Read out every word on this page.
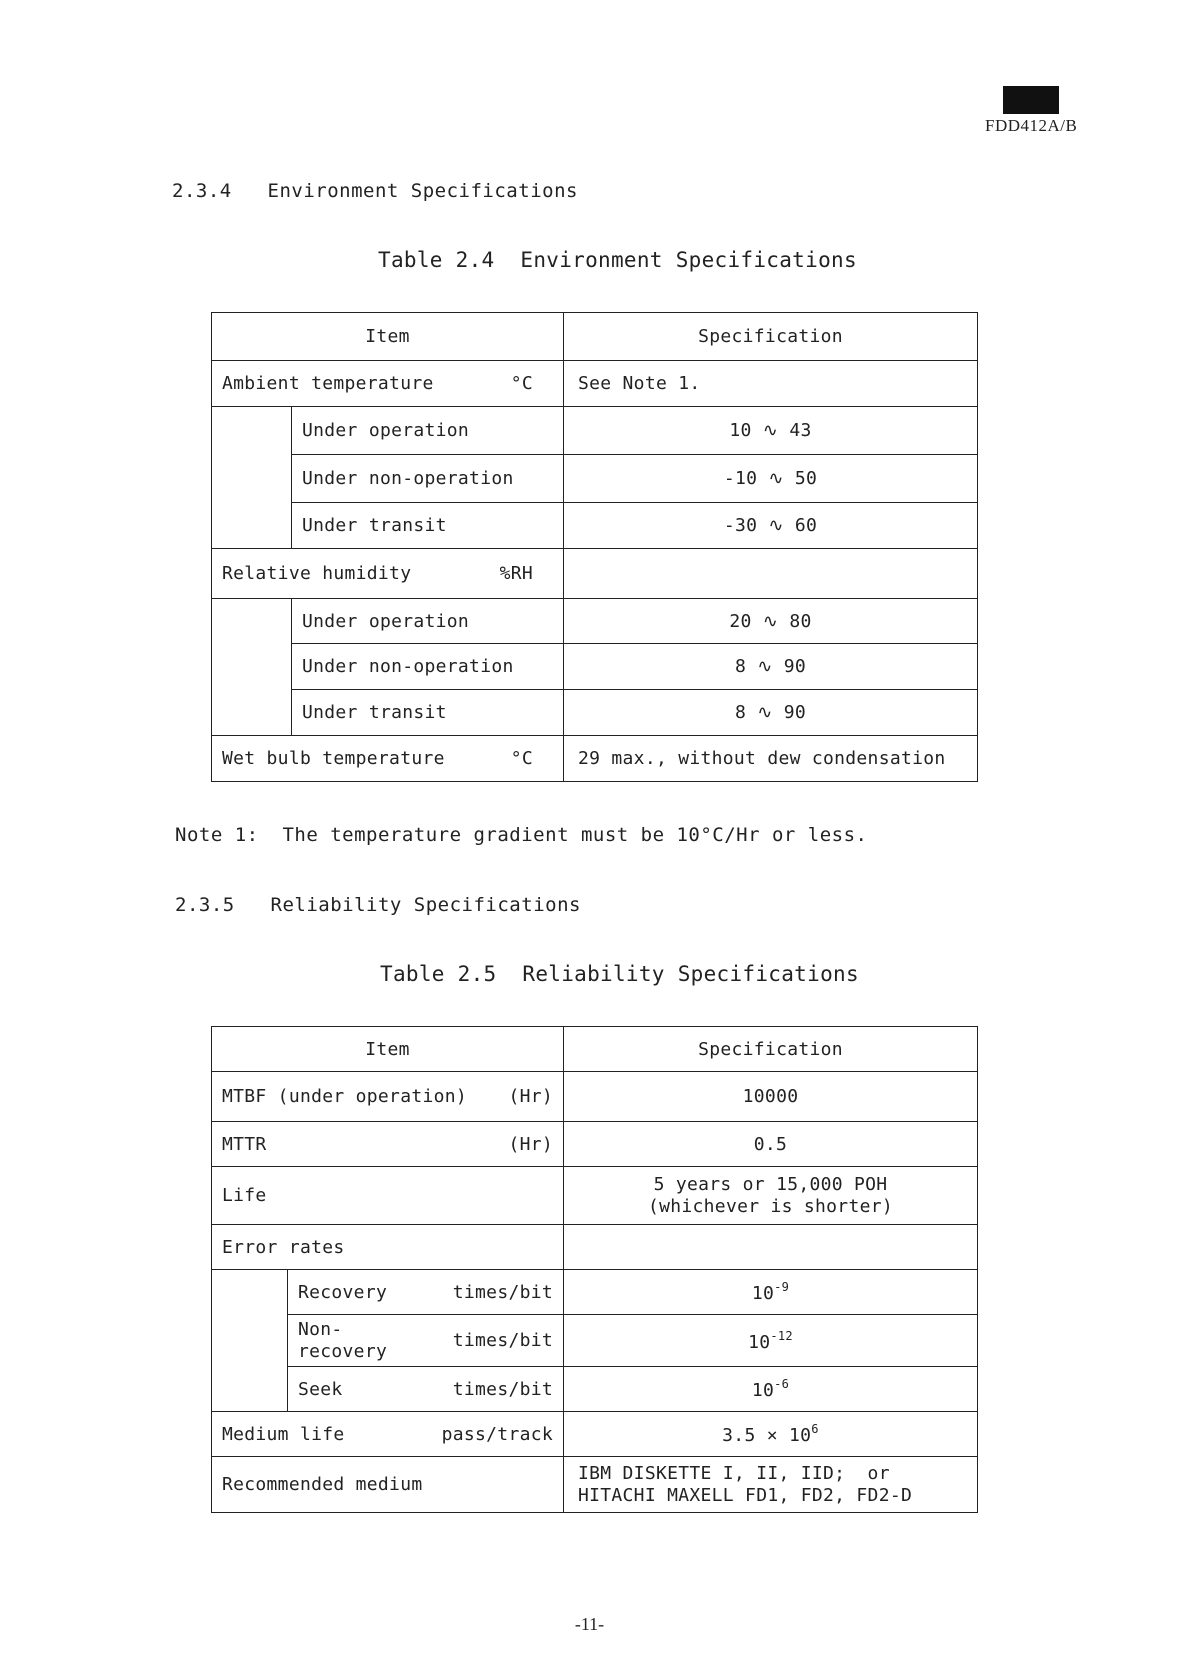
FDD412A/B
2.3.4 Environment Specifications
Table 2.4  Environment Specifications
Item		Specification

Ambient temperature °C		See Note 1.
	Under operation	10 ∿ 43
	Under non-operation	-10 ∿ 50
	Under transit	-30 ∿ 60

Relative humidity %RH		

	Under operation	20 ∿ 80
	Under non-operation	8 ∿ 90
	Under transit	8 ∿ 90

Wet bulb temperature °C		29 max., without dew condensation
Note 1: The temperature gradient must be 10°C/Hr or less.
2.3.5 Reliability Specifications
Table 2.5  Reliability Specifications
Item		Specification

MTBF (under operation) (Hr)		10000

MTTR (Hr)		0.5
Life		5 years or 15,000 POH
(whichever is shorter)

Error rates		

	Recovery times/bit	$10^{-9}$

	Non-
recovery times/bit	$10^{-12}$

	Seek times/bit	$10^{-6}$

Medium life pass/track		$3.5 \times 10^6$
Recommended medium		IBM DISKETTE I, II, IID;  or
HITACHI MAXELL FD1, FD2, FD2-D
-11-
